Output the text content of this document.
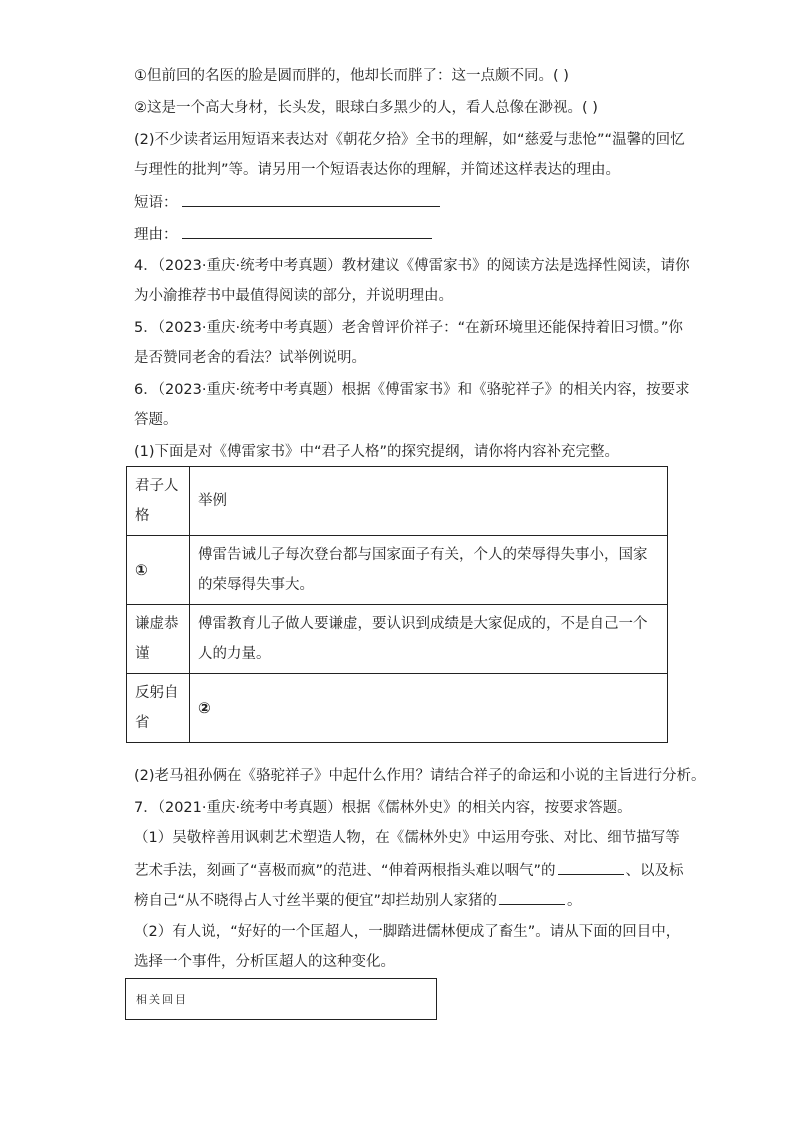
①但前回的名医的脸是圆而胖的，他却长而胖了：这一点颇不同。( )
②这是一个高大身材，长头发，眼球白多黑少的人，看人总像在渺视。( )
(2)不少读者运用短语来表达对《朝花夕拾》全书的理解，如“慈爱与悲怆”“温馨的回忆
与理性的批判”等。请另用一个短语表达你的理解，并简述这样表达的理由。
短语：
理由：
4．（2023·重庆·统考中考真题）教材建议《傅雷家书》的阅读方法是选择性阅读，请你
为小渝推荐书中最值得阅读的部分，并说明理由。
5．（2023·重庆·统考中考真题）老舍曾评价祥子：“在新环境里还能保持着旧习惯。”你
是否赞同老舍的看法？试举例说明。
6．（2023·重庆·统考中考真题）根据《傅雷家书》和《骆驼祥子》的相关内容，按要求
答题。
(1)下面是对《傅雷家书》中“君子人格”的探究提纲，请你将内容补充完整。
君子人格	举例
①	傅雷告诫儿子每次登台都与国家面子有关，个人的荣辱得失事小，国家的荣辱得失事大。
谦虚恭谨	傅雷教育儿子做人要谦虚，要认识到成绩是大家促成的，不是自己一个人的力量。
反躬自省	②
(2)老马祖孙俩在《骆驼祥子》中起什么作用？请结合祥子的命运和小说的主旨进行分析。
7．（2021·重庆·统考中考真题）根据《儒林外史》的相关内容，按要求答题。
（1）吴敬梓善用讽刺艺术塑造人物，在《儒林外史》中运用夸张、对比、细节描写等
艺术手法，刻画了“喜极而疯”的范进、“伸着两根指头难以咽气”的	、以及标
榜自己“从不晓得占人寸丝半粟的便宜”却拦劫别人家猪的	。
（2）有人说，“好好的一个匡超人，一脚踏进儒林便成了畜生”。请从下面的回目中，
选择一个事件，分析匡超人的这种变化。
相关回目
